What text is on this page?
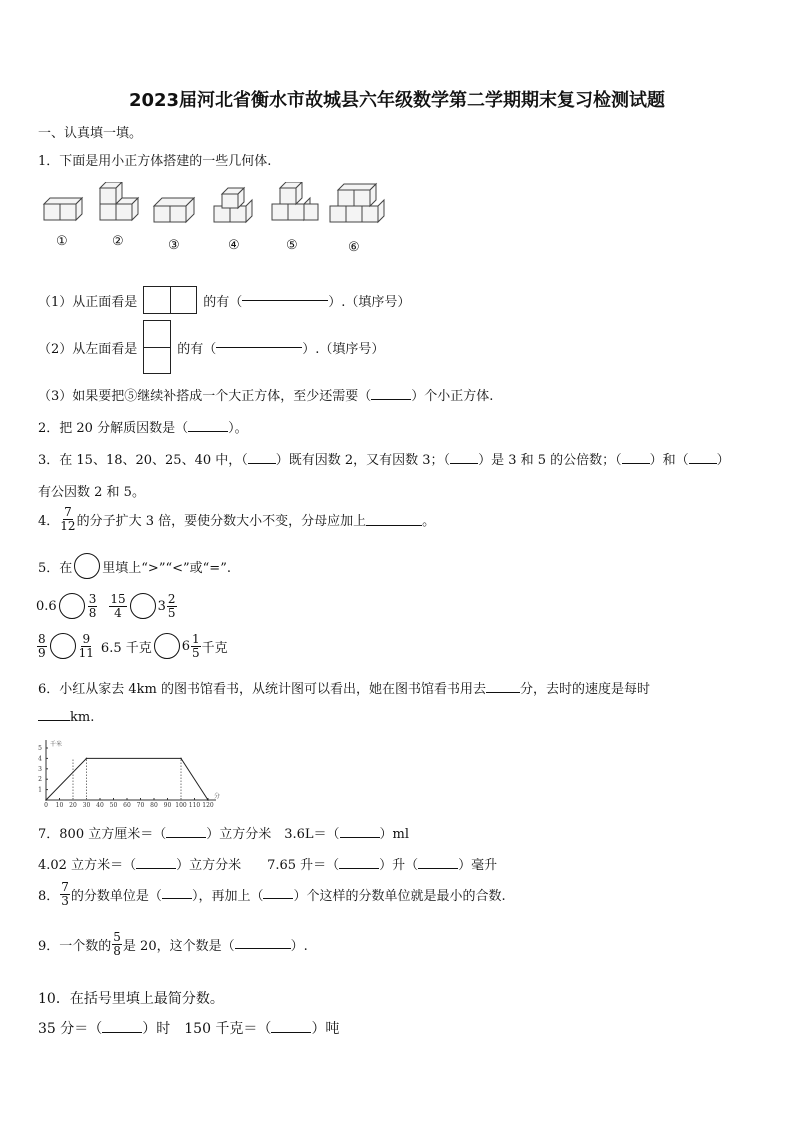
2023届河北省衡水市故城县六年级数学第二学期期末复习检测试题
一、认真填一填。
1．下面是用小正方体搭建的一些几何体.
①	②	③	④	⑤	⑥
（1）从正面看是	的有（	）.（填序号）
（2）从左面看是	的有（	）.（填序号）
（3）如果要把⑤继续补搭成一个大正方体，至少还需要（	）个小正方体.
2．把 20 分解质因数是（	）。
3．在 15、18、20、25、40 中，（ ）既有因数 2，又有因数 3；（ ）是 3 和 5 的公倍数；（ ）和（ ）
有公因数 2 和 5。
4． $\frac{7}{12}$ 的分子扩大 3 倍，要使分数大小不变，分母应加上	。
5．在 里填上“>”“<”或“=”.
0.6	$\frac{3}{8} \frac{15}{4} 3 \frac{2}{5}$
$\frac{8}{9}$	$\frac{9}{11} 6.5$ 千克 $6 \frac{1}{5}$ 千克
6．小红从家去 4km 的图书馆看书，从统计图可以看出，她在图书馆看书用去	分，去时的速度是每时
km.
0 10 20 30 40 50 60 70 80 90 100 110 120
1
2
3
4
5
千米
分
7．800 立方厘米＝（	）立方分米　3.6L＝（	）ml
4.02 立方米＝（	）立方分米　　7.65 升＝（	）升（	）毫升
8． $\frac{7}{3}$ 的分数单位是（ ），再加上（ ）个这样的分数单位就是最小的合数.
9．一个数的 $\frac{5}{8}$ 是 20，这个数是（	）.
10．在括号里填上最简分数。
35 分＝（	）时　150 千克＝（	）吨
